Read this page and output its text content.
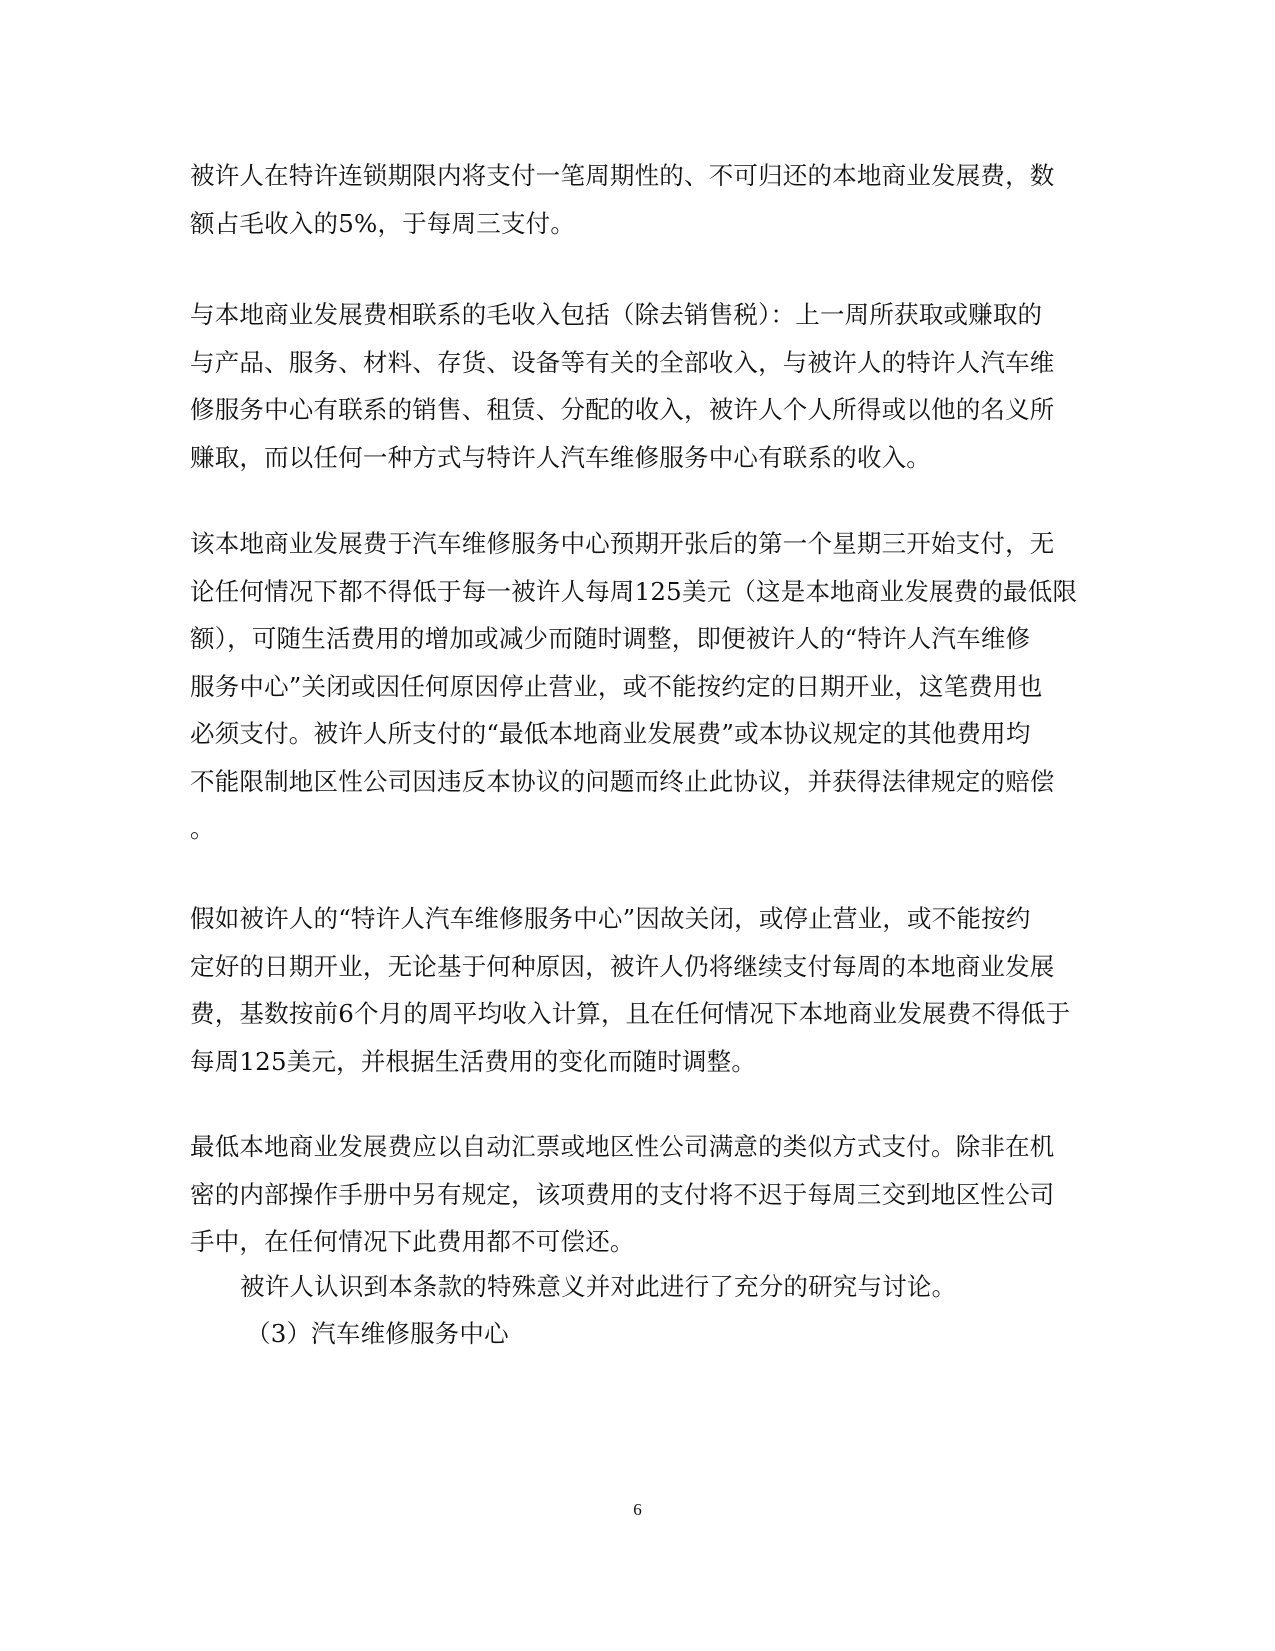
被许人在特许连锁期限内将支付一笔周期性的、不可归还的本地商业发展费，数
额占毛收入的5%，于每周三支付。
与本地商业发展费相联系的毛收入包括（除去销售税）：上一周所获取或赚取的
与产品、服务、材料、存货、设备等有关的全部收入，与被许人的特许人汽车维
修服务中心有联系的销售、租赁、分配的收入，被许人个人所得或以他的名义所
赚取，而以任何一种方式与特许人汽车维修服务中心有联系的收入。
该本地商业发展费于汽车维修服务中心预期开张后的第一个星期三开始支付，无
论任何情况下都不得低于每一被许人每周125美元（这是本地商业发展费的最低限
额），可随生活费用的增加或减少而随时调整，即便被许人的“特许人汽车维修
服务中心”关闭或因任何原因停止营业，或不能按约定的日期开业，这笔费用也
必须支付。被许人所支付的“最低本地商业发展费”或本协议规定的其他费用均
不能限制地区性公司因违反本协议的问题而终止此协议，并获得法律规定的赔偿
。
假如被许人的“特许人汽车维修服务中心”因故关闭，或停止营业，或不能按约
定好的日期开业，无论基于何种原因，被许人仍将继续支付每周的本地商业发展
费，基数按前6个月的周平均收入计算，且在任何情况下本地商业发展费不得低于
每周125美元，并根据生活费用的变化而随时调整。
最低本地商业发展费应以自动汇票或地区性公司满意的类似方式支付。除非在机
密的内部操作手册中另有规定，该项费用的支付将不迟于每周三交到地区性公司
手中，在任何情况下此费用都不可偿还。
被许人认识到本条款的特殊意义并对此进行了充分的研究与讨论。
（3）汽车维修服务中心
6
